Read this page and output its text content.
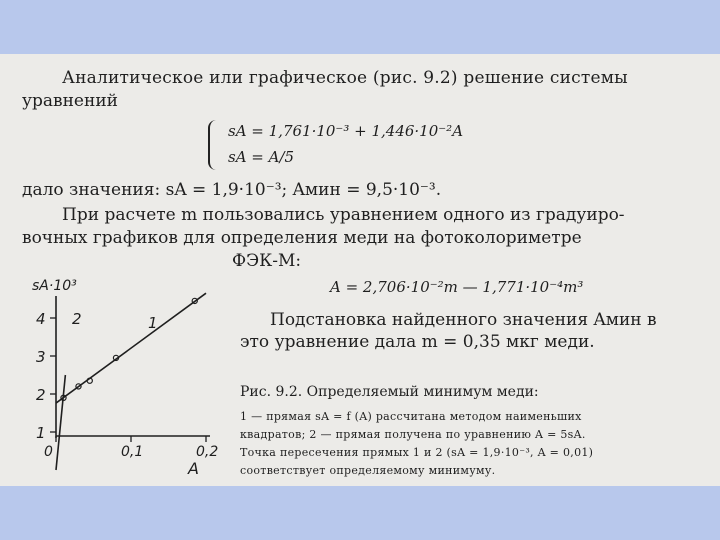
Аналитическое или графическое (рис. 9.2) решение системы
уравнений
sA = 1,761·10⁻³ + 1,446·10⁻²A
sA = A/5
дало значения: sA = 1,9·10⁻³; Aмин = 9,5·10⁻³.
При расчете m пользовались уравнением одного из градуиро-
вочных графиков для определения меди на фотоколориметре
ФЭК-М:
A = 2,706·10⁻²m — 1,771·10⁻⁴m³
Подстановка найденного значения Aмин в
это уравнение дала m = 0,35 мкг меди.
Рис. 9.2. Определяемый минимум меди:
1 — прямая sA = f (A) рассчитана методом наименьших
квадратов; 2 — прямая получена по уравнению A = 5sA.
Точка пересечения прямых 1 и 2 (sA = 1,9·10⁻³, A = 0,01)
соответствует определяемому минимуму.
1
2
3
4
0	0,1	0,2
sA·10³
A
1
2
